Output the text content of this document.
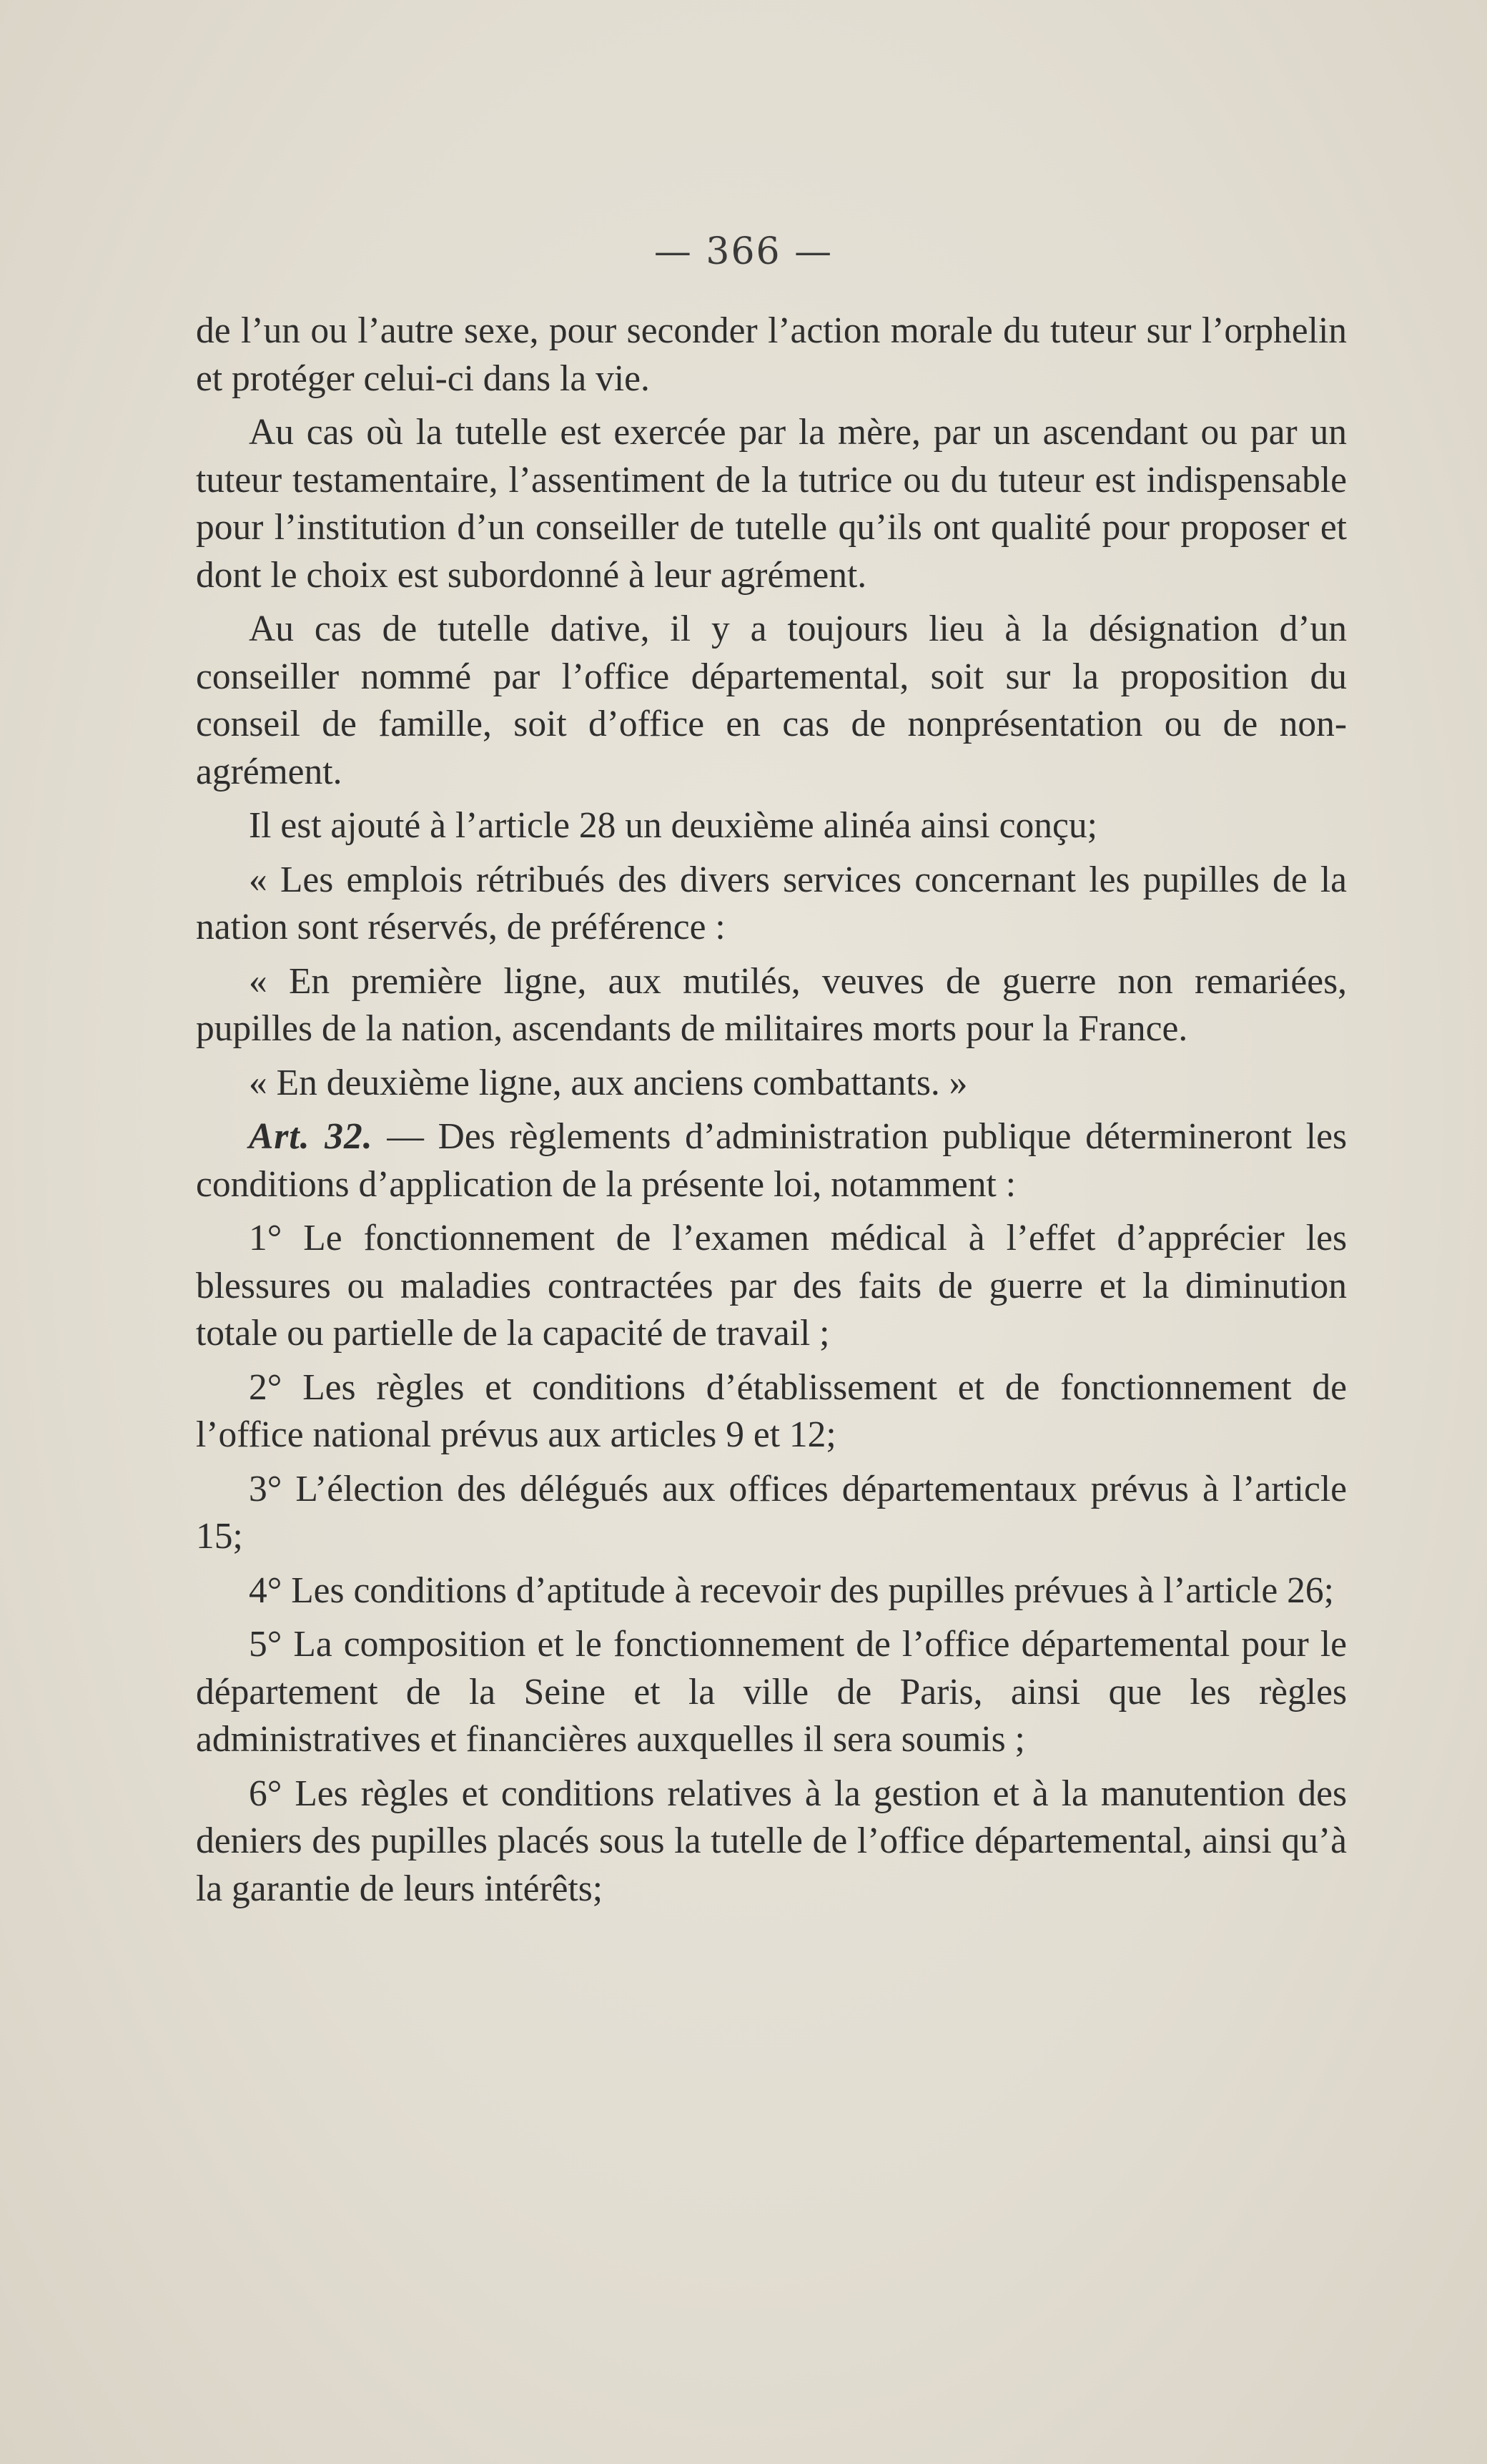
— 366 —

de l’un ou l’autre sexe, pour seconder l’action morale du tuteur sur l’orphelin et protéger celui-ci dans la vie.

Au cas où la tutelle est exercée par la mère, par un ascendant ou par un tuteur testamentaire, l’assentiment de la tutrice ou du tuteur est indispensable pour l’institution d’un conseiller de tutelle qu’ils ont qualité pour proposer et dont le choix est subordonné à leur agrément.

Au cas de tutelle dative, il y a toujours lieu à la désignation d’un conseiller nommé par l’office départemental, soit sur la proposition du conseil de famille, soit d’office en cas de nonprésentation ou de non-agrément.

Il est ajouté à l’article 28 un deuxième alinéa ainsi conçu;

« Les emplois rétribués des divers services concernant les pupilles de la nation sont réservés, de préférence :

« En première ligne, aux mutilés, veuves de guerre non remariées, pupilles de la nation, ascendants de militaires morts pour la France.

« En deuxième ligne, aux anciens combattants. »

Art. 32. — Des règlements d’administration publique détermineront les conditions d’application de la présente loi, notamment :

1° Le fonctionnement de l’examen médical à l’effet d’apprécier les blessures ou maladies contractées par des faits de guerre et la diminution totale ou partielle de la capacité de travail ;

2° Les règles et conditions d’établissement et de fonctionnement de l’office national prévus aux articles 9 et 12;

3° L’élection des délégués aux offices départementaux prévus à l’article 15;

4° Les conditions d’aptitude à recevoir des pupilles prévues à l’article 26;

5° La composition et le fonctionnement de l’office départemental pour le département de la Seine et la ville de Paris, ainsi que les règles administratives et financières auxquelles il sera soumis ;

6° Les règles et conditions relatives à la gestion et à la manutention des deniers des pupilles placés sous la tutelle de l’office départemental, ainsi qu’à la garantie de leurs intérêts;
